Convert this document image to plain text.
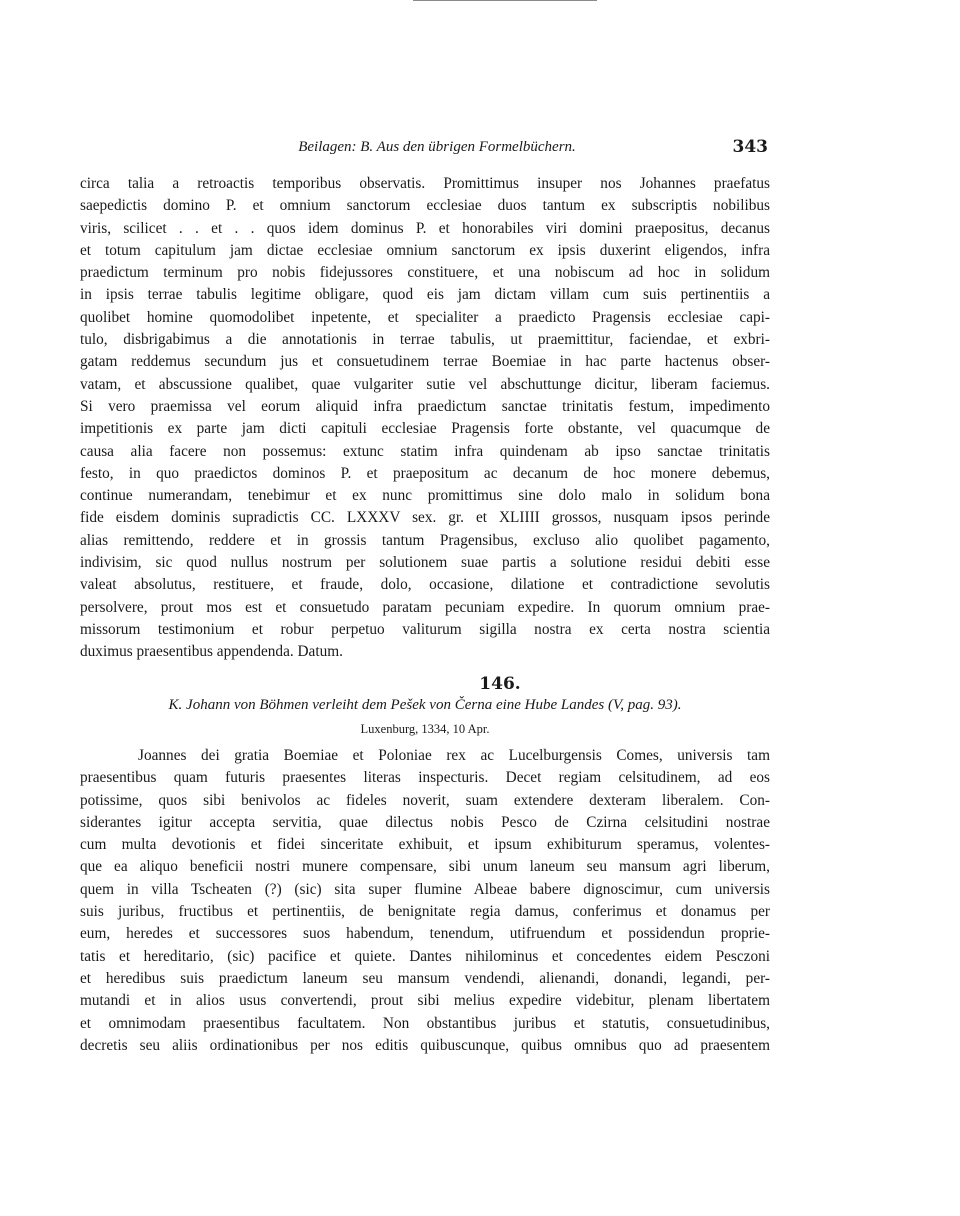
Beilagen: B. Aus den übrigen Formelbüchern.	343
circa talia a retroactis temporibus observatis. Promittimus insuper nos Johannes praefatus
saepedictis domino P. et omnium sanctorum ecclesiae duos tantum ex subscriptis nobilibus
viris, scilicet . . et . . quos idem dominus P. et honorabiles viri domini praepositus, decanus
et totum capitulum jam dictae ecclesiae omnium sanctorum ex ipsis duxerint eligendos, infra
praedictum terminum pro nobis fidejussores constituere, et una nobiscum ad hoc in solidum
in ipsis terrae tabulis legitime obligare, quod eis jam dictam villam cum suis pertinentiis a
quolibet homine quomodolibet inpetente, et specialiter a praedicto Pragensis ecclesiae capi-
tulo, disbrigabimus a die annotationis in terrae tabulis, ut praemittitur, faciendae, et exbri-
gatam reddemus secundum jus et consuetudinem terrae Boemiae in hac parte hactenus obser-
vatam, et abscussione qualibet, quae vulgariter sutie vel abschuttunge dicitur, liberam faciemus.
Si vero praemissa vel eorum aliquid infra praedictum sanctae trinitatis festum, impedimento
impetitionis ex parte jam dicti capituli ecclesiae Pragensis forte obstante, vel quacumque de
causa alia facere non possemus: extunc statim infra quindenam ab ipso sanctae trinitatis
festo, in quo praedictos dominos P. et praepositum ac decanum de hoc monere debemus,
continue numerandam, tenebimur et ex nunc promittimus sine dolo malo in solidum bona
fide eisdem dominis supradictis CC. LXXXV sex. gr. et XLIIII grossos, nusquam ipsos perinde
alias remittendo, reddere et in grossis tantum Pragensibus, excluso alio quolibet pagamento,
indivisim, sic quod nullus nostrum per solutionem suae partis a solutione residui debiti esse
valeat absolutus, restituere, et fraude, dolo, occasione, dilatione et contradictione sevolutis
persolvere, prout mos est et consuetudo paratam pecuniam expedire. In quorum omnium prae-
missorum testimonium et robur perpetuo valiturum sigilla nostra ex certa nostra scientia
duximus praesentibus appendenda. Datum.
146.
K. Johann von Böhmen verleiht dem Pešek von Černa eine Hube Landes (V, pag. 93).
Luxenburg, 1334, 10 Apr.
Joannes dei gratia Boemiae et Poloniae rex ac Lucelburgensis Comes, universis tam
praesentibus quam futuris praesentes literas inspecturis. Decet regiam celsitudinem, ad eos
potissime, quos sibi benivolos ac fideles noverit, suam extendere dexteram liberalem. Con-
siderantes igitur accepta servitia, quae dilectus nobis Pesco de Czirna celsitudini nostrae
cum multa devotionis et fidei sinceritate exhibuit, et ipsum exhibiturum speramus, volentes-
que ea aliquo beneficii nostri munere compensare, sibi unum laneum seu mansum agri liberum,
quem in villa Tscheaten (?) (sic) sita super flumine Albeae babere dignoscimur, cum universis
suis juribus, fructibus et pertinentiis, de benignitate regia damus, conferimus et donamus per
eum, heredes et successores suos habendum, tenendum, utifruendum et possidendun proprie-
tatis et hereditario, (sic) pacifice et quiete. Dantes nihilominus et concedentes eidem Pesczoni
et heredibus suis praedictum laneum seu mansum vendendi, alienandi, donandi, legandi, per-
mutandi et in alios usus convertendi, prout sibi melius expedire videbitur, plenam libertatem
et omnimodam praesentibus facultatem. Non obstantibus juribus et statutis, consuetudinibus,
decretis seu aliis ordinationibus per nos editis quibuscunque, quibus omnibus quo ad praesentem
